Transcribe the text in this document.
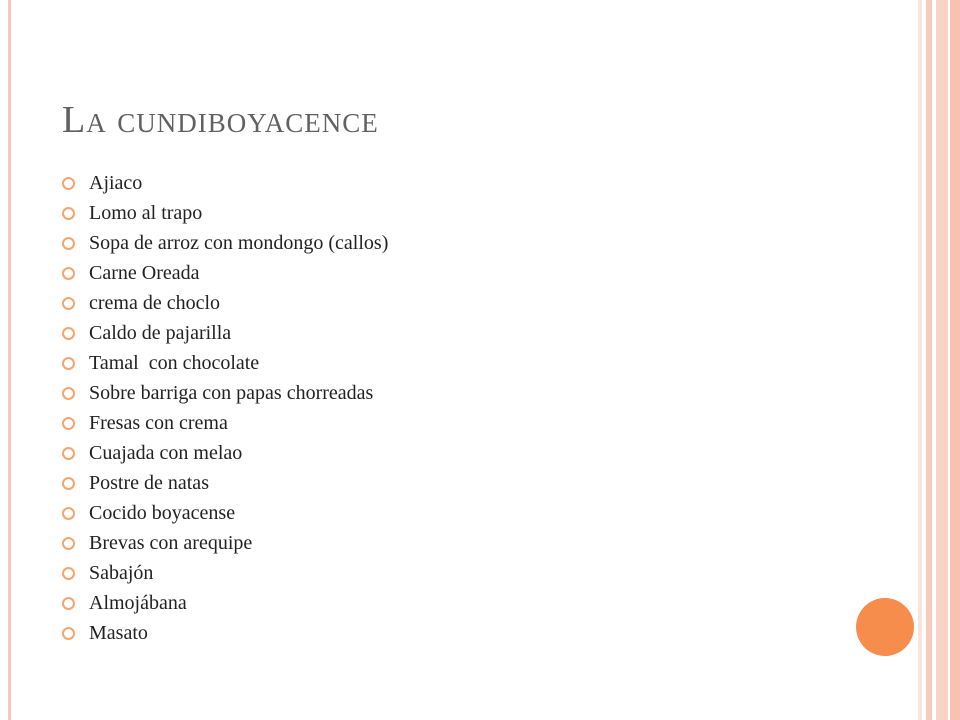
La cundiboyacence
Ajiaco
Lomo al trapo
Sopa de arroz con mondongo (callos)
Carne Oreada
crema de choclo
Caldo de pajarilla
Tamal  con chocolate
Sobre barriga con papas chorreadas
Fresas con crema
Cuajada con melao
Postre de natas
Cocido boyacense
Brevas con arequipe
Sabajón
Almojábana
Masato
